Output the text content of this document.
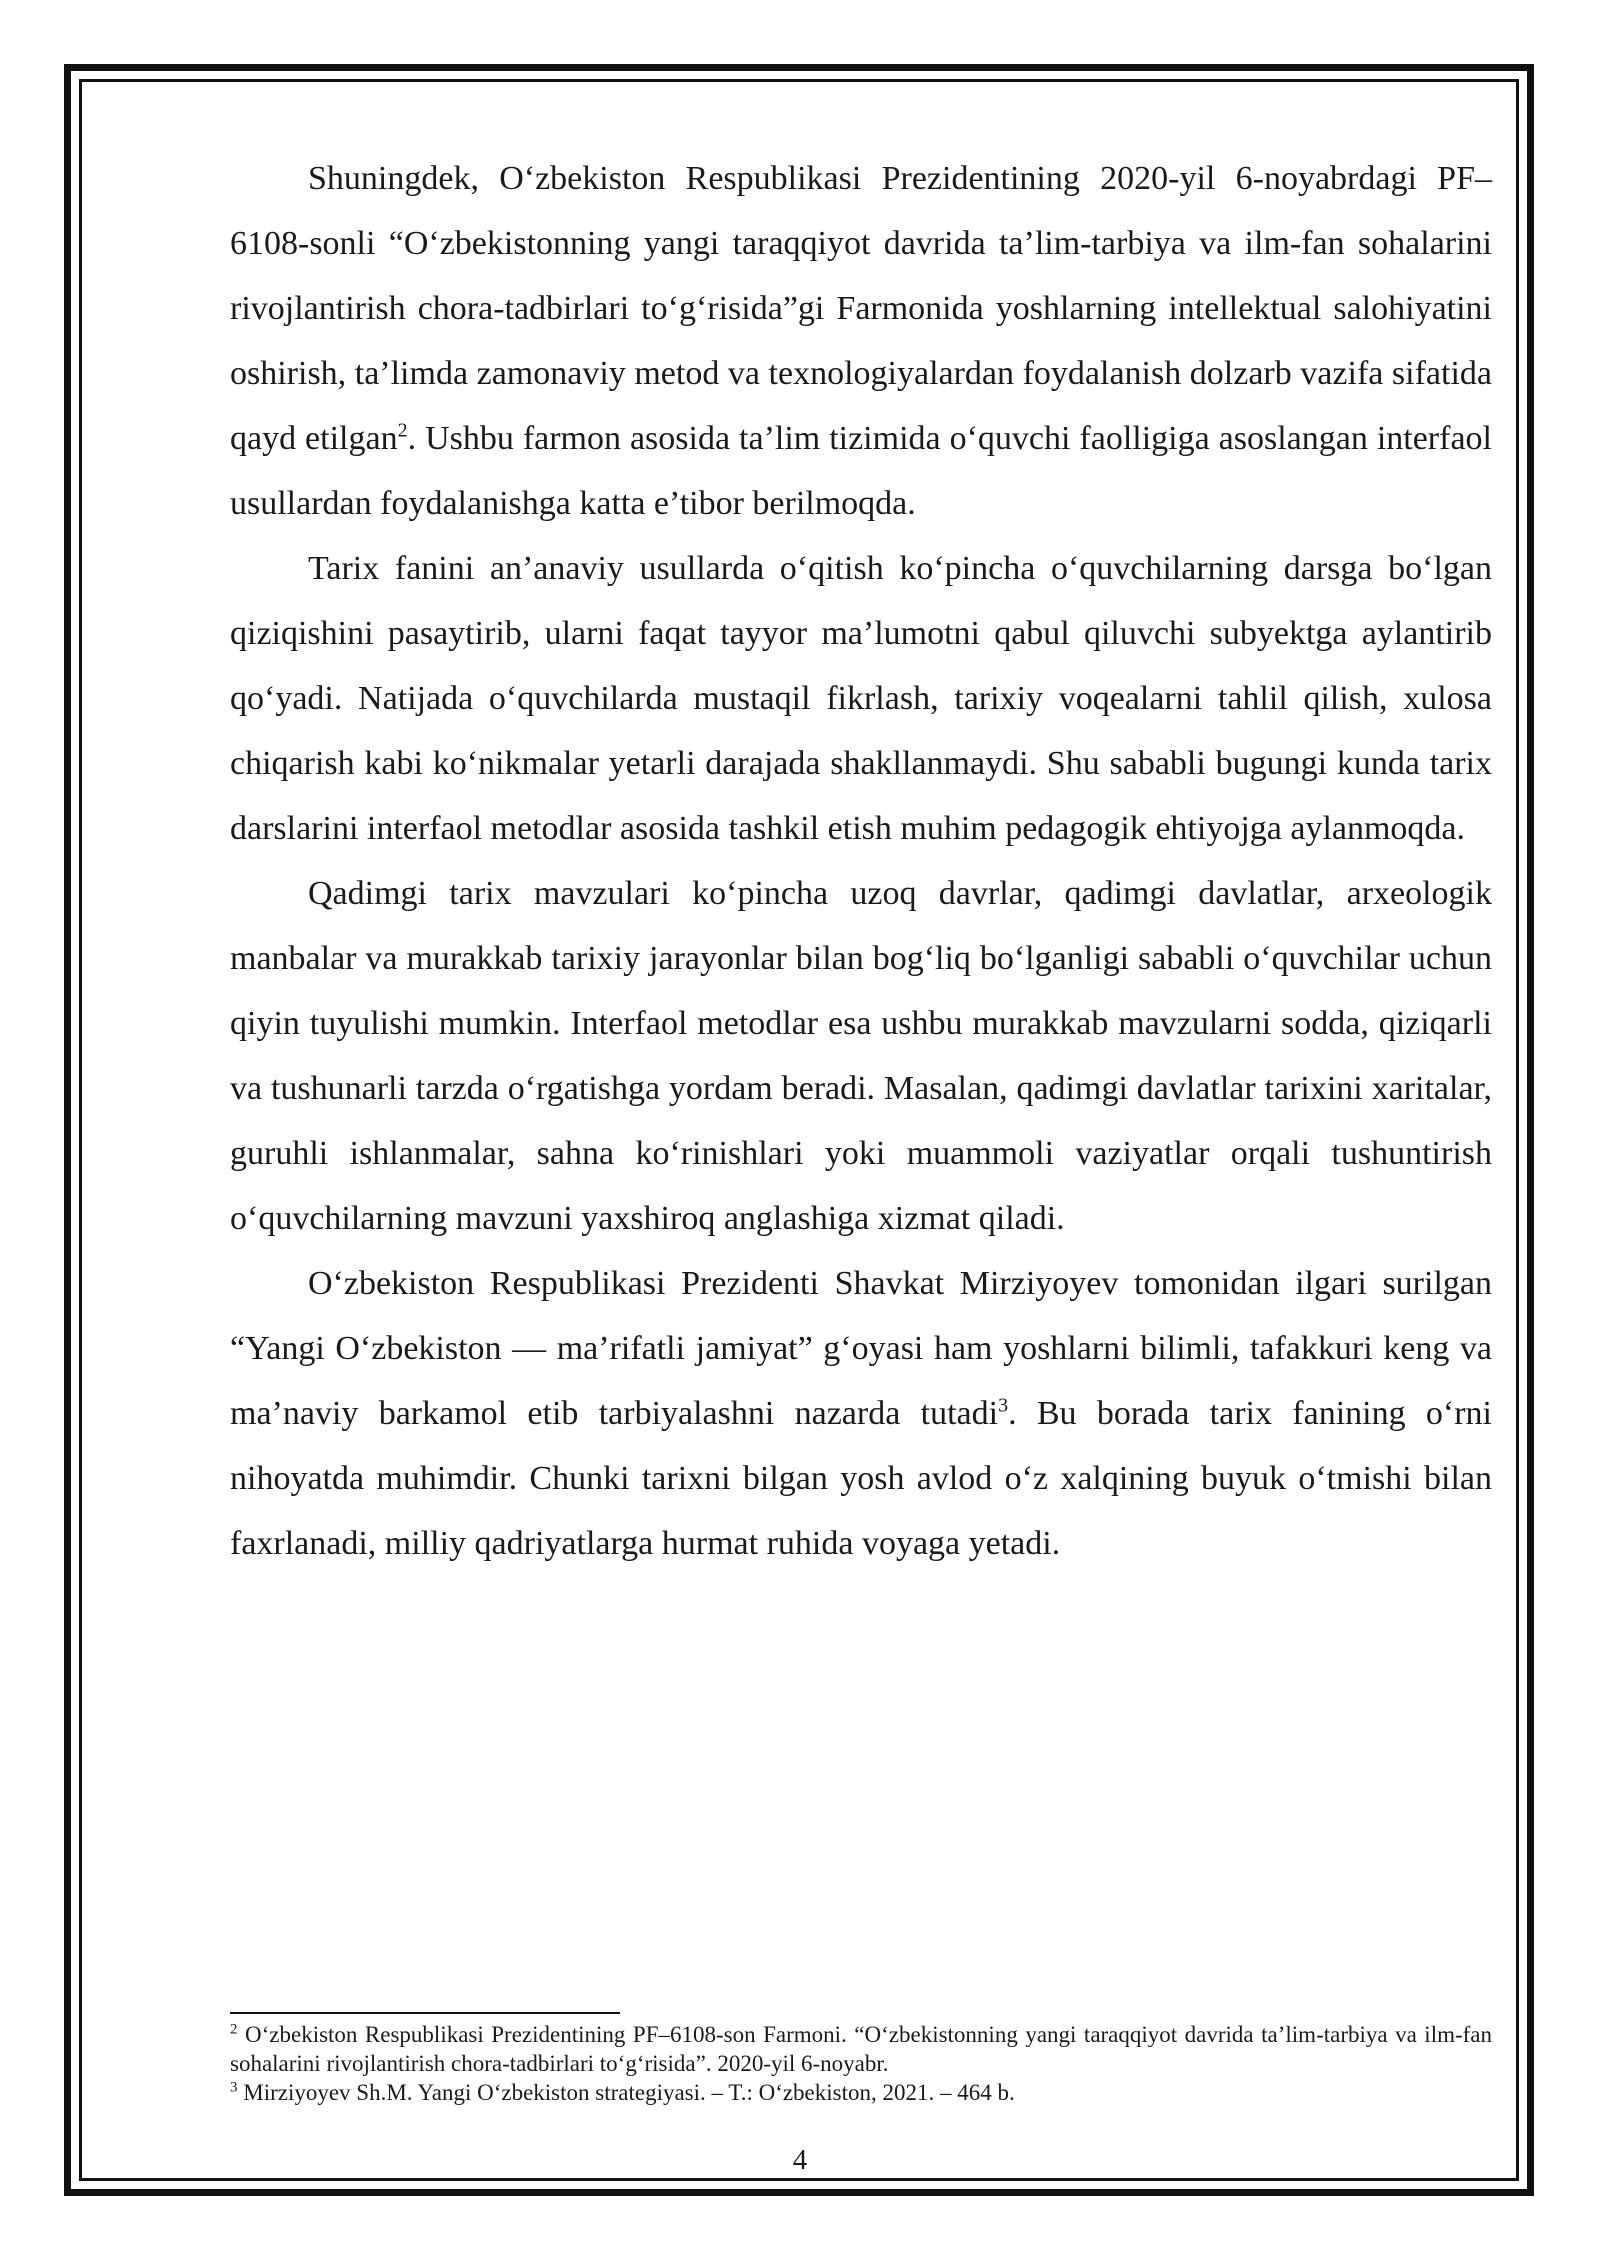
Shuningdek, O‘zbekiston Respublikasi Prezidentining 2020-yil 6-noyabrdagi PF–6108-sonli “O‘zbekistonning yangi taraqqiyot davrida ta’lim-tarbiya va ilm-fan sohalarini rivojlantirish chora-tadbirlari to‘g‘risida”gi Farmonida yoshlarning intellektual salohiyatini oshirish, ta’limda zamonaviy metod va texnologiyalardan foydalanish dolzarb vazifa sifatida qayd etilgan$^2$. Ushbu farmon asosida ta’lim tizimida o‘quvchi faolligiga asoslangan interfaol usullardan foydalanishga katta e’tibor berilmoqda.

Tarix fanini an’anaviy usullarda o‘qitish ko‘pincha o‘quvchilarning darsga bo‘lgan qiziqishini pasaytirib, ularni faqat tayyor ma’lumotni qabul qiluvchi subyektga aylantirib qo‘yadi. Natijada o‘quvchilarda mustaqil fikrlash, tarixiy voqealarni tahlil qilish, xulosa chiqarish kabi ko‘nikmalar yetarli darajada shakllanmaydi. Shu sababli bugungi kunda tarix darslarini interfaol metodlar asosida tashkil etish muhim pedagogik ehtiyojga aylanmoqda.

Qadimgi tarix mavzulari ko‘pincha uzoq davrlar, qadimgi davlatlar, arxeologik manbalar va murakkab tarixiy jarayonlar bilan bog‘liq bo‘lganligi sababli o‘quvchilar uchun qiyin tuyulishi mumkin. Interfaol metodlar esa ushbu murakkab mavzularni sodda, qiziqarli va tushunarli tarzda o‘rgatishga yordam beradi. Masalan, qadimgi davlatlar tarixini xaritalar, guruhli ishlanmalar, sahna ko‘rinishlari yoki muammoli vaziyatlar orqali tushuntirish o‘quvchilarning mavzuni yaxshiroq anglashiga xizmat qiladi.

O‘zbekiston Respublikasi Prezidenti Shavkat Mirziyoyev tomonidan ilgari surilgan “Yangi O‘zbekiston — ma’rifatli jamiyat” g‘oyasi ham yoshlarni bilimli, tafakkuri keng va ma’naviy barkamol etib tarbiyalashni nazarda tutadi$^3$. Bu borada tarix fanining o‘rni nihoyatda muhimdir. Chunki tarixni bilgan yosh avlod o‘z xalqining buyuk o‘tmishi bilan faxrlanadi, milliy qadriyatlarga hurmat ruhida voyaga yetadi.

$^2$ O‘zbekiston Respublikasi Prezidentining PF–6108-son Farmoni. “O‘zbekistonning yangi taraqqiyot davrida ta’lim-tarbiya va ilm-fan sohalarini rivojlantirish chora-tadbirlari to‘g‘risida”. 2020-yil 6-noyabr.

$^3$ Mirziyoyev Sh.M. Yangi O‘zbekiston strategiyasi. – T.: O‘zbekiston, 2021. – 464 b.

4
